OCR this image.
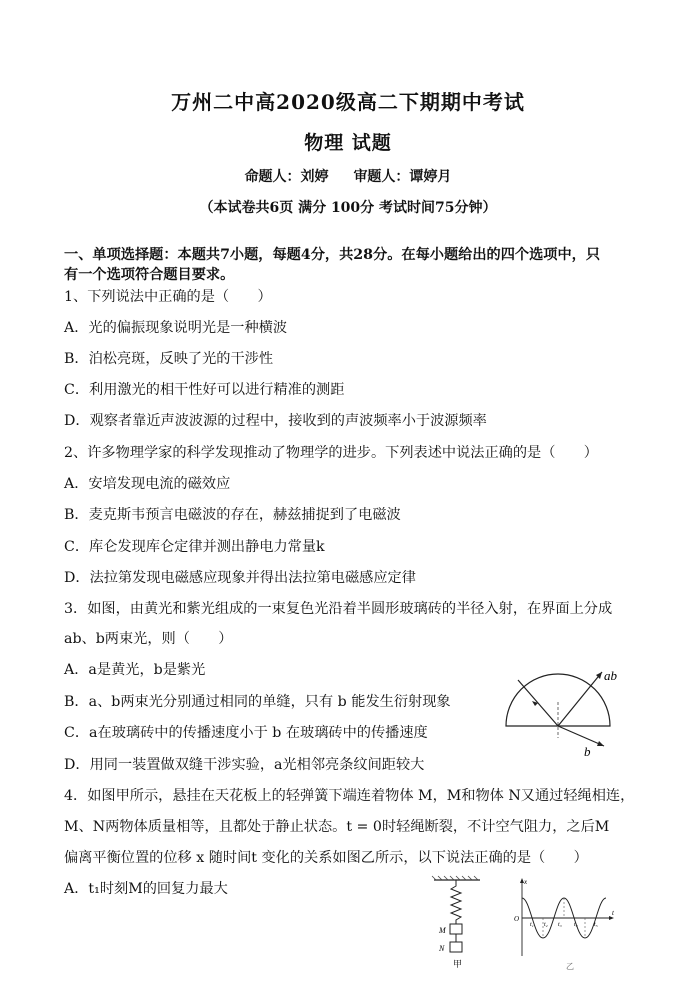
万州二中高2020级高二下期期中考试
物理 试题
命题人：刘婷 审题人：谭婷月
（本试卷共6页 满分 100分 考试时间75分钟）
一、单项选择题：本题共7小题，每题4分，共28分。在每小题给出的四个选项中，只
有一个选项符合题目要求。
1、下列说法中正确的是（　　）
A．光的偏振现象说明光是一种横波
B．泊松亮斑，反映了光的干涉性
C．利用激光的相干性好可以进行精准的测距
D．观察者靠近声波波源的过程中，接收到的声波频率小于波源频率
2、许多物理学家的科学发现推动了物理学的进步。下列表述中说法正确的是（　　）
A．安培发现电流的磁效应
B．麦克斯韦预言电磁波的存在，赫兹捕捉到了电磁波
C．库仑发现库仑定律并测出静电力常量k
D．法拉第发现电磁感应现象并得出法拉第电磁感应定律
3．如图，由黄光和紫光组成的一束复色光沿着半圆形玻璃砖的半径入射，在界面上分成
ab、b两束光，则（　　）
A．a是黄光，b是紫光
B．a、b两束光分别通过相同的单缝，只有 b 能发生衍射现象
C．a在玻璃砖中的传播速度小于 b 在玻璃砖中的传播速度
D．用同一装置做双缝干涉实验，a光相邻亮条纹间距较大
ab
b
4．如图甲所示，悬挂在天花板上的轻弹簧下端连着物体 M，M和物体 N又通过轻绳相连，
M、N两物体质量相等，且都处于静止状态。t = 0时轻绳断裂，不计空气阻力，之后M
偏离平衡位置的位移 x 随时间t 变化的关系如图乙所示，以下说法正确的是（　　）
A．t₁时刻M的回复力最大
M
N
甲
x
O
t
t₁ t₂ t₃ t₄	t₅
乙
